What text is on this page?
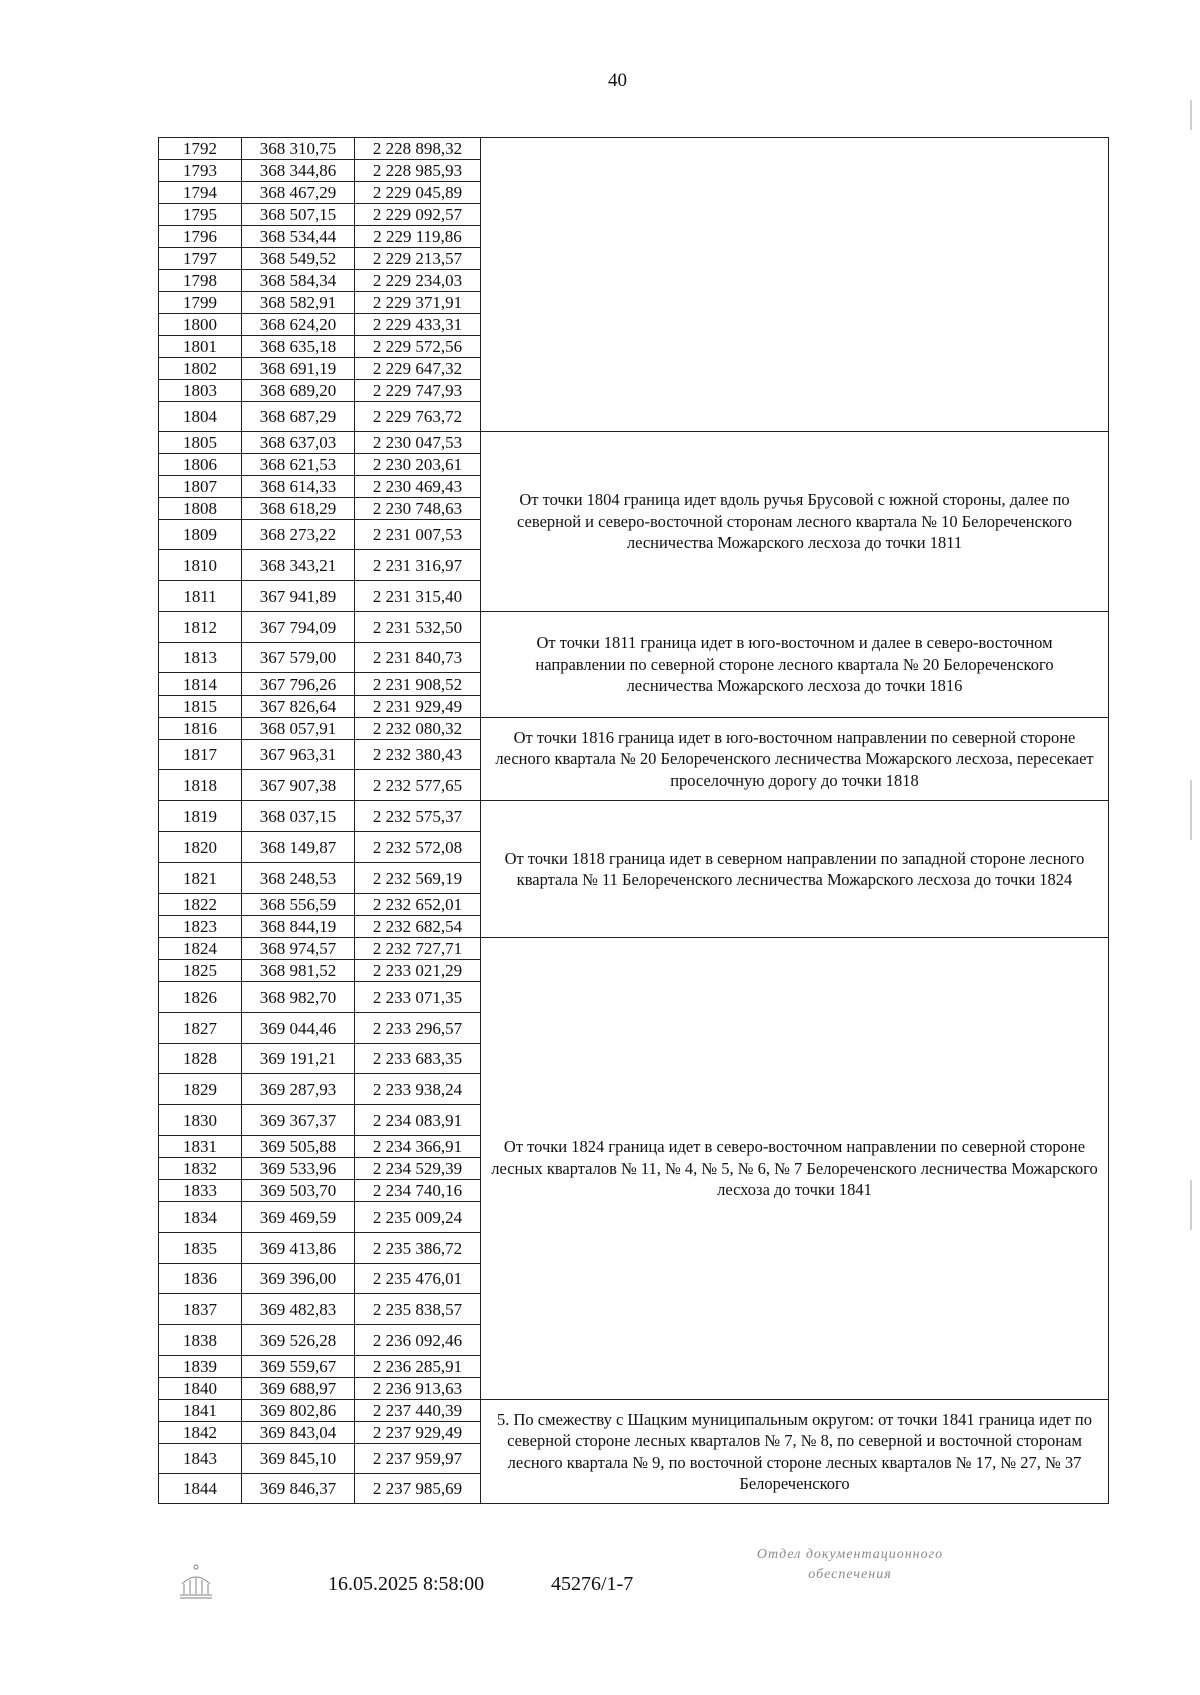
40
1792	368 310,75	2 228 898,32	
1793	368 344,86	2 228 985,93	
1794	368 467,29	2 229 045,89	
1795	368 507,15	2 229 092,57	
1796	368 534,44	2 229 119,86	
1797	368 549,52	2 229 213,57	
1798	368 584,34	2 229 234,03	
1799	368 582,91	2 229 371,91	
1800	368 624,20	2 229 433,31	
1801	368 635,18	2 229 572,56	
1802	368 691,19	2 229 647,32	
1803	368 689,20	2 229 747,93	
1804	368 687,29	2 229 763,72	
1805	368 637,03	2 230 047,53	От точки 1804 граница идет вдоль ручья Брусовой с южной стороны, далее по северной и северо-восточной сторонам лесного квартала № 10 Белореченского лесничества Можарского лесхоза до точки 1811
1806	368 621,53	2 230 203,61	
1807	368 614,33	2 230 469,43	
1808	368 618,29	2 230 748,63	
1809	368 273,22	2 231 007,53	
1810	368 343,21	2 231 316,97	
1811	367 941,89	2 231 315,40	
1812	367 794,09	2 231 532,50	От точки 1811 граница идет в юго-восточном и далее в северо-восточном направлении по северной стороне лесного квартала № 20 Белореченского лесничества Можарского лесхоза до точки 1816
1813	367 579,00	2 231 840,73	
1814	367 796,26	2 231 908,52	
1815	367 826,64	2 231 929,49	
1816	368 057,91	2 232 080,32	От точки 1816 граница идет в юго-восточном направлении по северной стороне лесного квартала № 20 Белореченского лесничества Можарского лесхоза, пересекает проселочную дорогу до точки 1818
1817	367 963,31	2 232 380,43	
1818	367 907,38	2 232 577,65	
1819	368 037,15	2 232 575,37	От точки 1818 граница идет в северном направлении по западной стороне лесного квартала № 11 Белореченского лесничества Можарского лесхоза до точки 1824
1820	368 149,87	2 232 572,08	
1821	368 248,53	2 232 569,19	
1822	368 556,59	2 232 652,01	
1823	368 844,19	2 232 682,54	
1824	368 974,57	2 232 727,71	От точки 1824 граница идет в северо-восточном направлении по северной стороне лесных кварталов № 11, № 4, № 5, № 6, № 7 Белореченского лесничества Можарского лесхоза до точки 1841
1825	368 981,52	2 233 021,29	
1826	368 982,70	2 233 071,35	
1827	369 044,46	2 233 296,57	
1828	369 191,21	2 233 683,35	
1829	369 287,93	2 233 938,24	
1830	369 367,37	2 234 083,91	
1831	369 505,88	2 234 366,91	
1832	369 533,96	2 234 529,39	
1833	369 503,70	2 234 740,16	
1834	369 469,59	2 235 009,24	
1835	369 413,86	2 235 386,72	
1836	369 396,00	2 235 476,01	
1837	369 482,83	2 235 838,57	
1838	369 526,28	2 236 092,46	
1839	369 559,67	2 236 285,91	
1840	369 688,97	2 236 913,63	
1841	369 802,86	2 237 440,39	5. По смежеству с Шацким муниципальным округом: от точки 1841 граница идет по северной стороне лесных кварталов № 7, № 8, по северной и восточной сторонам лесного квартала № 9, по восточной стороне лесных кварталов № 17, № 27, № 37 Белореченского
1842	369 843,04	2 237 929,49	
1843	369 845,10	2 237 959,97	
1844	369 846,37	2 237 985,69	
16.05.2025 8:58:00	45276/1-7
Отдел документационного
обеспечения
